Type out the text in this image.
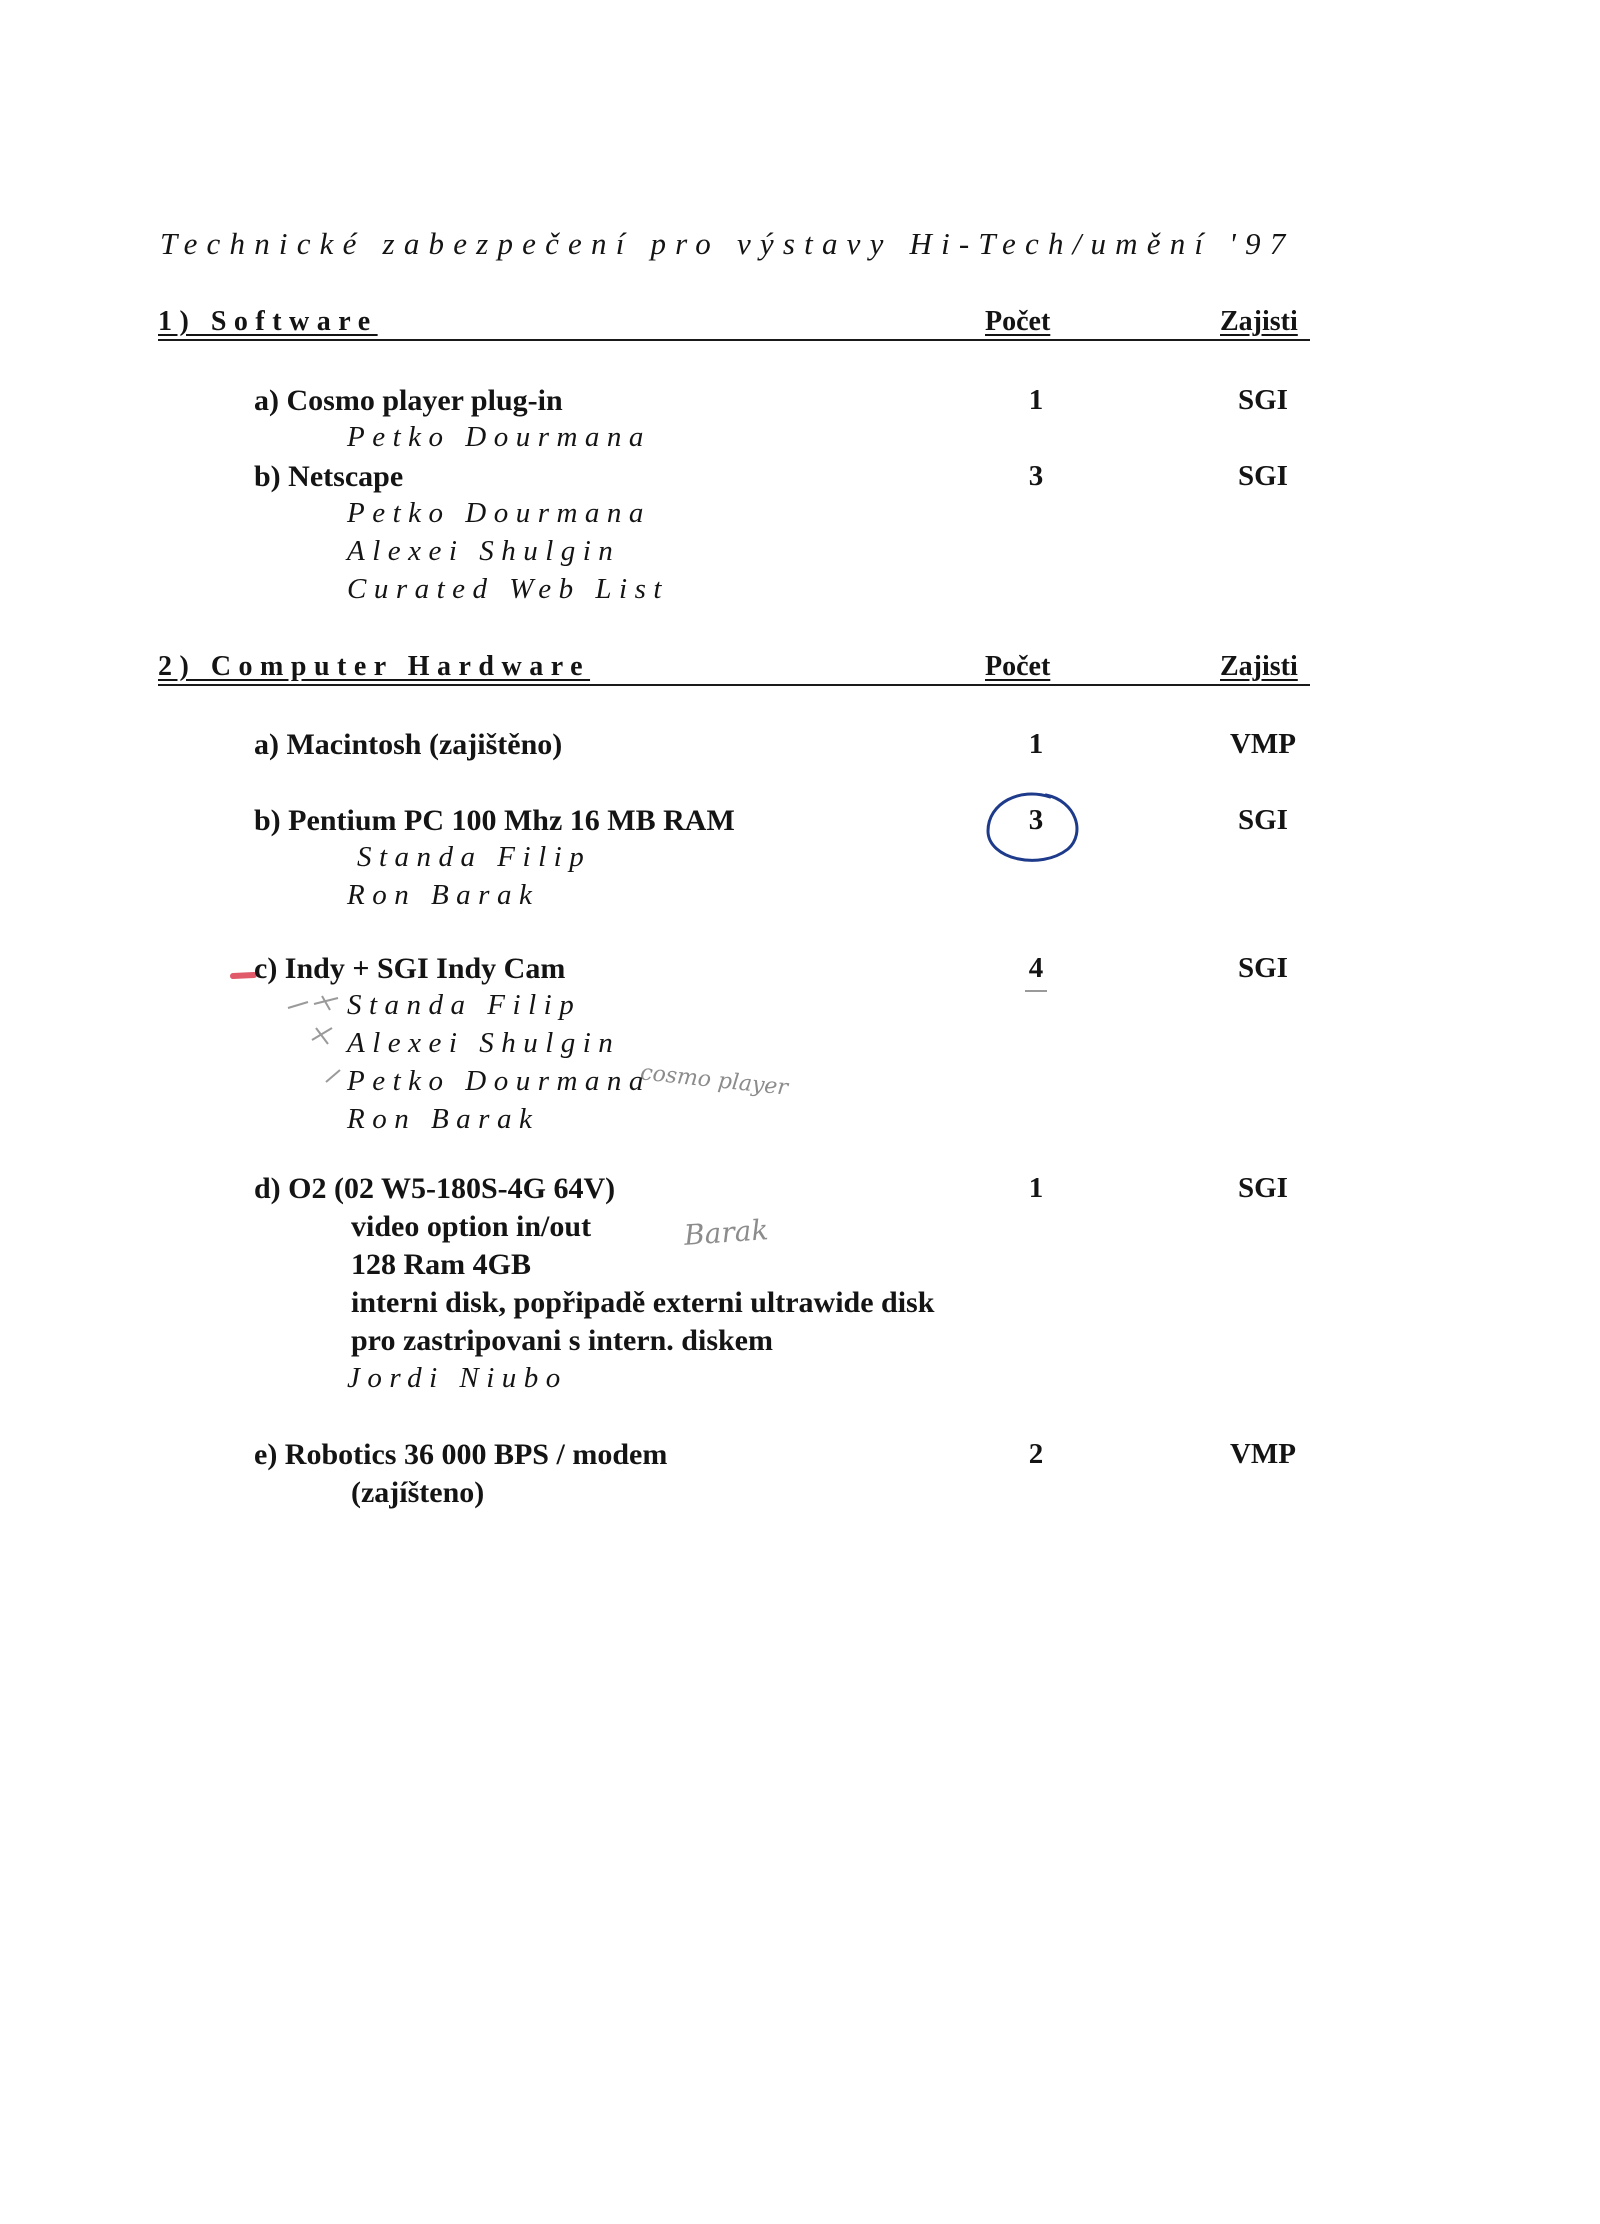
Technické zabezpečení pro výstavy Hi-Tech/umění '97
1) Software	Počet	Zajisti
a) Cosmo player plug-in	1	SGI
Petko Dourmana
b) Netscape	3	SGI
Petko Dourmana
Alexei Shulgin
Curated Web List
2) Computer Hardware	Počet	Zajisti
a) Macintosh (zajištěno)	1	VMP
b) Pentium PC 100 Mhz 16 MB RAM	3	SGI
Standa Filip
Ron Barak
c) Indy + SGI Indy Cam	4	SGI
Standa Filip
Alexei Shulgin
Petko Dourmana
cosmo player
Ron Barak
d) O2 (02 W5-180S-4G 64V)	1	SGI
video option in/out	Barak
128 Ram 4GB
interni disk, popřipadě externi ultrawide disk
pro zastripovani s intern. diskem
Jordi Niubo
e) Robotics 36 000 BPS / modem	2	VMP
(zajíšteno)
